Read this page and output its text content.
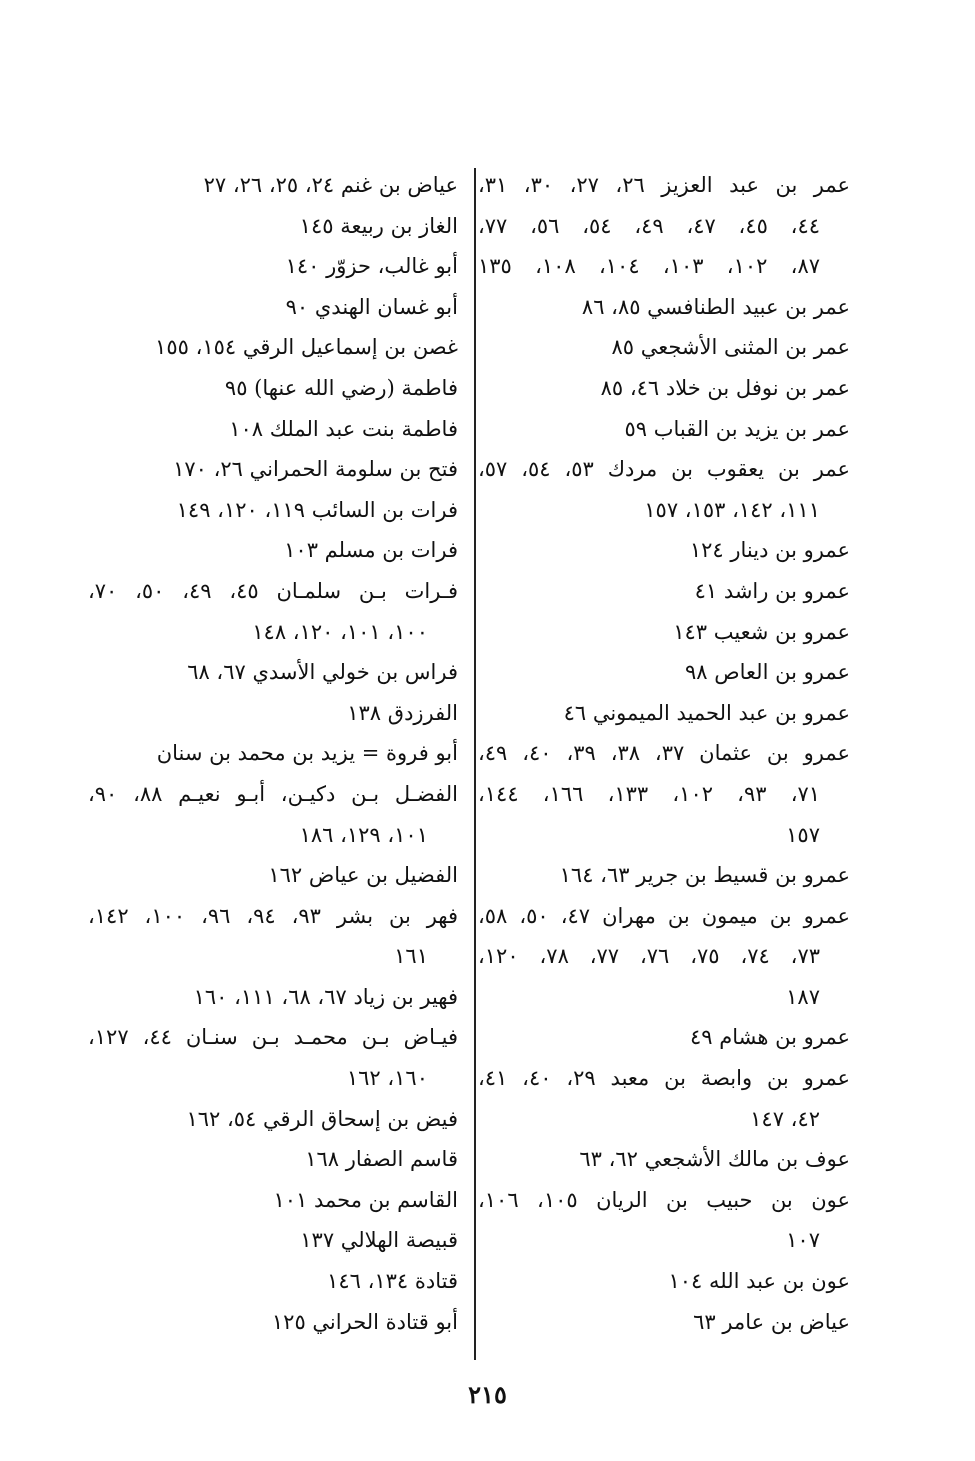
عمر بن عبد العزيز ٢٦، ٢٧، ٣٠، ٣١،
٤٤، ٤٥، ٤٧، ٤٩، ٥٤، ٥٦، ٧٧،
٨٧، ١٠٢، ١٠٣، ١٠٤، ١٠٨، ١٣٥
عمر بن عبيد الطنافسي ٨٥، ٨٦
عمر بن المثنى الأشجعي ٨٥
عمر بن نوفل بن خلاد ٤٦، ٨٥
عمر بن يزيد بن القباب ٥٩
عمر بن يعقوب بن مردك ٥٣، ٥٤، ٥٧،
١١١، ١٤٢، ١٥٣، ١٥٧
عمرو بن دينار ١٢٤
عمرو بن راشد ٤١
عمرو بن شعيب ١٤٣
عمرو بن العاص ٩٨
عمرو بن عبد الحميد الميموني ٤٦
عمرو بن عثمان ٣٧، ٣٨، ٣٩، ٤٠، ٤٩،
٧١، ٩٣، ١٠٢، ١٣٣، ١٦٦، ١٤٤،
١٥٧
عمرو بن قسيط بن جرير ٦٣، ١٦٤
عمرو بن ميمون بن مهران ٤٧، ٥٠، ٥٨،
٧٣، ٧٤، ٧٥، ٧٦، ٧٧، ٧٨، ١٢٠،
١٨٧
عمرو بن هشام ٤٩
عمرو بن وابصة بن معبد ٢٩، ٤٠، ٤١،
٤٢، ١٤٧
عوف بن مالك الأشجعي ٦٢، ٦٣
عون بن حبيب بن الريان ١٠٥، ١٠٦،
١٠٧
عون بن عبد الله ١٠٤
عياض بن عامر ٦٣
عياض بن غنم ٢٤، ٢٥، ٢٦، ٢٧
الغاز بن ربيعة ١٤٥
أبو غالب، حزوّر ١٤٠
أبو غسان الهندي ٩٠
غصن بن إسماعيل الرقي ١٥٤، ١٥٥
فاطمة (رضي الله عنها) ٩٥
فاطمة بنت عبد الملك ١٠٨
فتح بن سلومة الحمراني ٢٦، ١٧٠
فرات بن السائب ١١٩، ١٢٠، ١٤٩
فرات بن مسلم ١٠٣
فـرات بـن سلمـان ٤٥، ٤٩، ٥٠، ٧٠،
١٠٠، ١٠١، ١٢٠، ١٤٨
فراس بن خولي الأسدي ٦٧، ٦٨
الفرزدق ١٣٨
أبو فروة = يزيد بن محمد بن سنان
الفضـل بـن دكيـن، أبـو نعيـم ٨٨، ٩٠،
١٠١، ١٢٩، ١٨٦
الفضيل بن عياض ١٦٢
فهر بن بشر ٩٣، ٩٤، ٩٦، ١٠٠، ١٤٢،
١٦١
فهير بن زياد ٦٧، ٦٨، ١١١، ١٦٠
فيـاض بـن محمـد بـن سنـان ٤٤، ١٢٧،
١٦٠، ١٦٢
فيض بن إسحاق الرقي ٥٤، ١٦٢
قاسم الصفار ١٦٨
القاسم بن محمد ١٠١
قبيصة الهلالي ١٣٧
قتادة ١٣٤، ١٤٦
أبو قتادة الحراني ١٢٥
٢١٥
